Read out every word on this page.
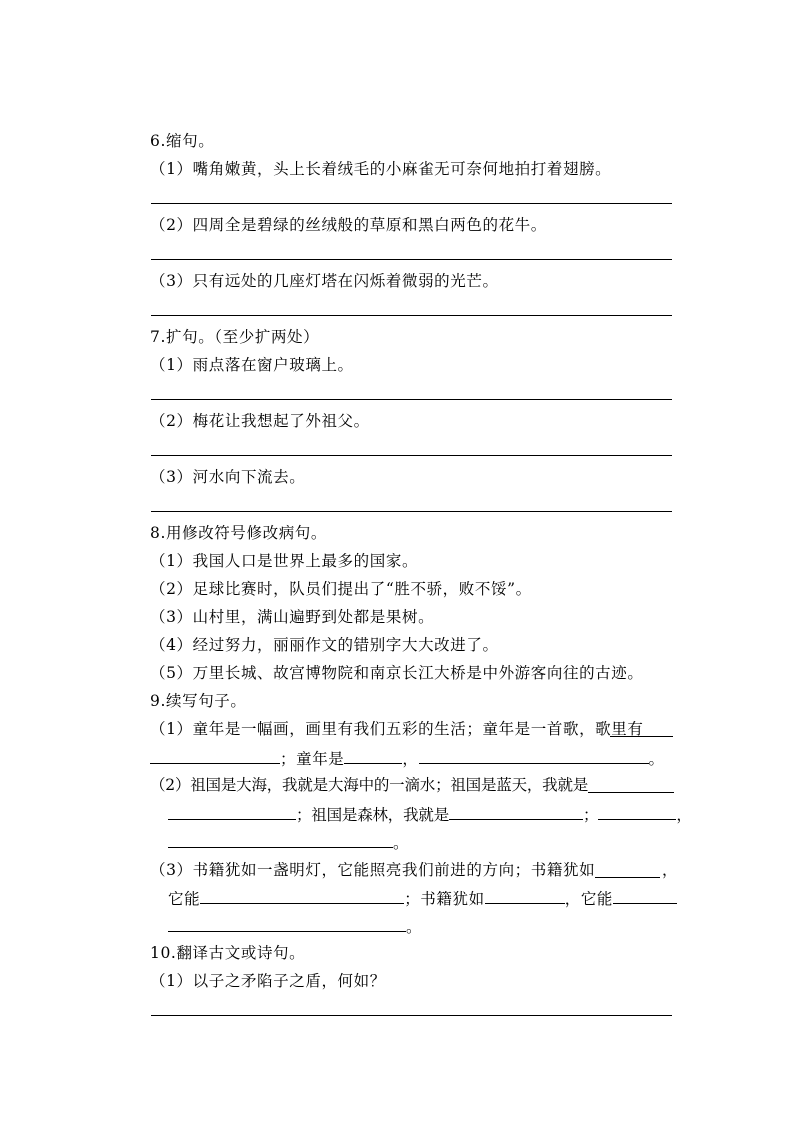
6.缩句。
（1）嘴角嫩黄，头上长着绒毛的小麻雀无可奈何地拍打着翅膀。
（2）四周全是碧绿的丝绒般的草原和黑白两色的花牛。
（3）只有远处的几座灯塔在闪烁着微弱的光芒。
7.扩句。（至少扩两处）
（1）雨点落在窗户玻璃上。
（2）梅花让我想起了外祖父。
（3）河水向下流去。
8.用修改符号修改病句。
（1）我国人口是世界上最多的国家。
（2）足球比赛时，队员们提出了“胜不骄，败不馁”。
（3）山村里，满山遍野到处都是果树。
（4）经过努力，丽丽作文的错别字大大改进了。
（5）万里长城、故宫博物院和南京长江大桥是中外游客向往的古迹。
9.续写句子。
（1）童年是一幅画，画里有我们五彩的生活；童年是一首歌，歌里有
；童年是	，	。
（2）祖国是大海，我就是大海中的一滴水；祖国是蓝天，我就是
；祖国是森林，我就是	；	，
。
（3）书籍犹如一盏明灯，它能照亮我们前进的方向；书籍犹如	，
它能	；书籍犹如	，它能
。
10.翻译古文或诗句。
（1）以子之矛陷子之盾，何如？
